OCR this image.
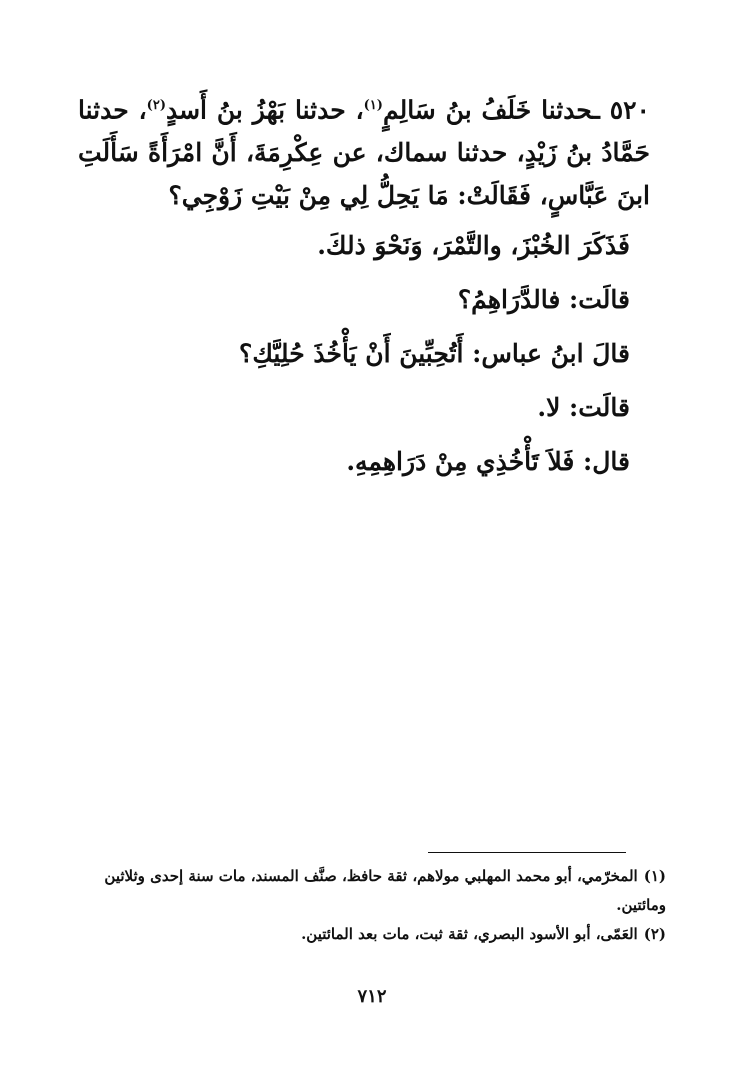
٥٢٠ ـحدثنا خَلَفُ بنُ سَالِمٍ$^{(١)}$، حدثنا بَهْزُ بنُ أَسدٍ$^{(٢)}$، حدثنا حَمَّادُ بنُ زَيْدٍ، حدثنا سماك، عن عِكْرِمَةَ، أَنَّ امْرَأَةً سَأَلَتِ ابنَ عَبَّاسٍ، فَقَالَتْ: مَا يَحِلُّ لِي مِنْ بَيْتِ زَوْجِي؟

فَذَكَرَ الخُبْزَ، والتَّمْرَ، وَنَحْوَ ذلكَ.

قالَت: فالدَّرَاهِمُ؟

قالَ ابنُ عباس: أَتُحِبِّينَ أَنْ يَأْخُذَ حُلِيَّكِ؟

قالَت: لا.

قال: فَلاَ تَأْخُذِي مِنْ دَرَاهِمِهِ.

(١)المخرّمي، أبو محمد المهلبي مولاهم، ثقة حافظ، صنَّف المسند، مات سنة إحدى وثلاثين ومائتين.

(٢)العَمّى، أبو الأسود البصري، ثقة ثبت، مات بعد المائتين.

٧١٢
